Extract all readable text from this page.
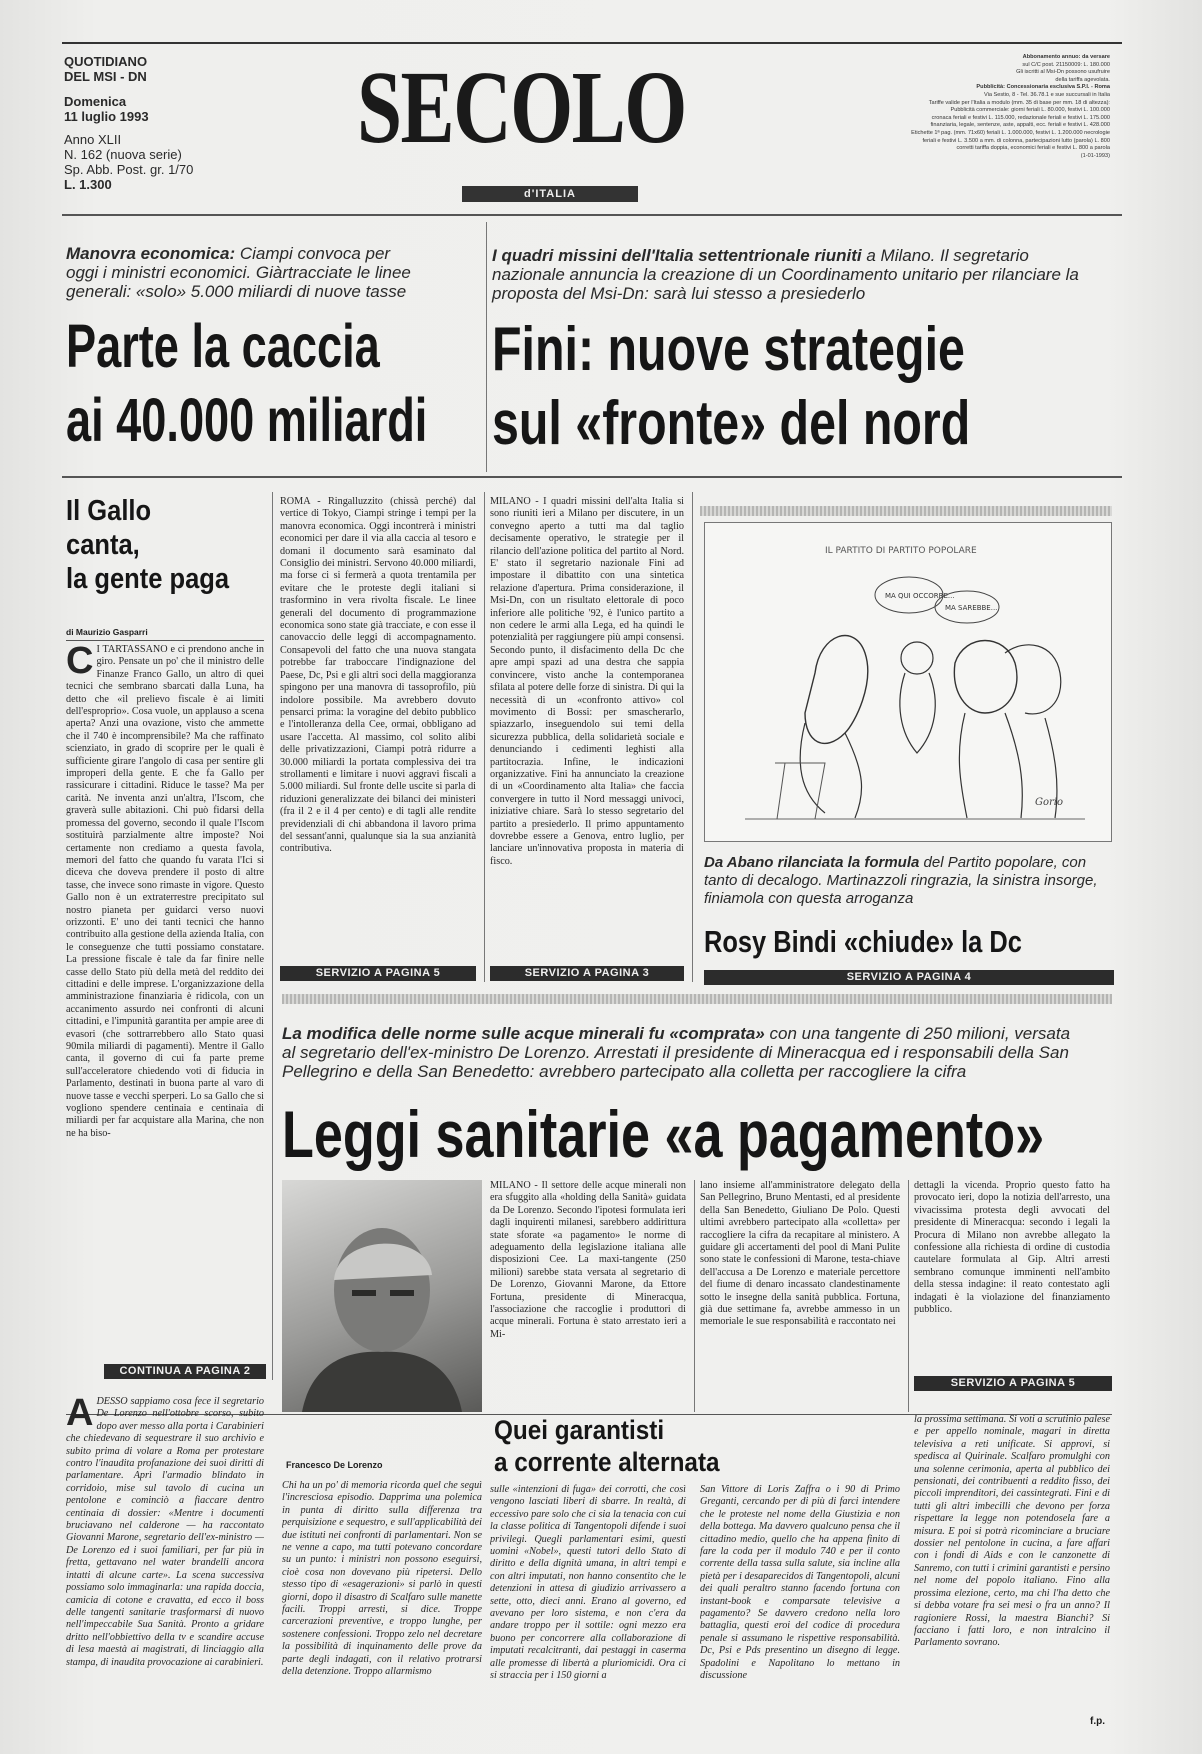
QUOTIDIANO
DEL MSI - DN
Domenica
11 luglio 1993
Anno XLII
N. 162 (nuova serie)
Sp. Abb. Post. gr. 1/70
L. 1.300
SECOLO
d'ITALIA
Abbonamento annuo: da versare
sul C/C post. 21150009: L. 180.000
Gli iscritti al Msi-Dn possono usufruire
della tariffa agevolata.
Pubblicità: Concessionaria esclusiva S.P.I. - Roma
Via Sestio, 8 - Tel. 36.78.1 e sue succursali in Italia
Tariffe valide per l'Italia a modulo (mm. 35 di base per mm. 18 di altezza):
Pubblicità commerciale: giorni feriali L. 80.000, festivi L. 100.000
cronaca feriali e festivi L. 115.000, redazionale feriali e festivi L. 175.000
finanziaria, legale, sentenze, aste, appalti, ecc. feriali e festivi L. 428.000
Etichette 1ª pag. (mm. 71x60) feriali L. 1.000.000, festivi L. 1.200.000 necrologie
feriali e festivi L. 3.500 a mm. di colonna, partecipazioni lutto (parola) L. 800
corretti tariffa doppia, economici feriali e festivi L. 800 a parola
(1-01-1993)
Manovra economica: Ciampi convoca per oggi i ministri economici. Giàrtracciate le linee generali: «solo» 5.000 miliardi di nuove tasse
Parte la caccia
ai 40.000 miliardi
I quadri missini dell'Italia settentrionale riuniti a Milano. Il segretario nazionale annuncia la creazione di un Coordinamento unitario per rilanciare la proposta del Msi-Dn: sarà lui stesso a presiederlo
Fini: nuove strategie
sul «fronte» del nord
Il Gallo
canta,
la gente paga
di Maurizio Gasparri
C I TARTASSANO e ci prendono anche in giro. Pensate un po' che il ministro delle Finanze Franco Gallo, un altro di quei tecnici che sembrano sbarcati dalla Luna, ha detto che «il prelievo fiscale è ai limiti dell'esproprio». Cosa vuole, un applauso a scena aperta? Anzi una ovazione, visto che ammette che il 740 è incomprensibile? Ma che raffinato scienziato, in grado di scoprire per le quali è sufficiente girare l'angolo di casa per sentire gli improperi della gente. E che fa Gallo per rassicurare i cittadini. Riduce le tasse? Ma per carità. Ne inventa anzi un'altra, l'Iscom, che graverà sulle abitazioni. Chi può fidarsi della promessa del governo, secondo il quale l'Iscom sostituirà parzialmente altre imposte? Noi certamente non crediamo a questa favola, memori del fatto che quando fu varata l'Ici si diceva che doveva prendere il posto di altre tasse, che invece sono rimaste in vigore. Questo Gallo non è un extraterrestre precipitato sul nostro pianeta per guidarci verso nuovi orizzonti. E' uno dei tanti tecnici che hanno contribuito alla gestione della azienda Italia, con le conseguenze che tutti possiamo constatare. La pressione fiscale è tale da far finire nelle casse dello Stato più della metà del reddito dei cittadini e delle imprese. L'organizzazione della amministrazione finanziaria è ridicola, con un accanimento assurdo nei confronti di alcuni cittadini, e l'impunità garantita per ampie aree di evasori (che sottrarrebbero allo Stato quasi 90mila miliardi di pagamenti). Mentre il Gallo canta, il governo di cui fa parte preme sull'acceleratore chiedendo voti di fiducia in Parlamento, destinati in buona parte al varo di nuove tasse e vecchi sperperi. Lo sa Gallo che si vogliono spendere centinaia e centinaia di miliardi per far acquistare alla Marina, che non ne ha biso-
CONTINUA A PAGINA 2
ROMA - Ringalluzzito (chissà perché) dal vertice di Tokyo, Ciampi stringe i tempi per la manovra economica. Oggi incontrerà i ministri economici per dare il via alla caccia al tesoro e domani il documento sarà esaminato dal Consiglio dei ministri. Servono 40.000 miliardi, ma forse ci si fermerà a quota trentamila per evitare che le proteste degli italiani si trasformino in vera rivolta fiscale. Le linee generali del documento di programmazione economica sono state già tracciate, e con esse il canovaccio delle leggi di accompagnamento. Consapevoli del fatto che una nuova stangata potrebbe far traboccare l'indignazione del Paese, Dc, Psi e gli altri soci della maggioranza spingono per una manovra di tassoprofilo, più indolore possibile. Ma avrebbero dovuto pensarci prima: la voragine del debito pubblico e l'intolleranza della Cee, ormai, obbligano ad usare l'accetta. Al massimo, col solito alibi delle privatizzazioni, Ciampi potrà ridurre a 30.000 miliardi la portata complessiva dei tra strollamenti e limitare i nuovi aggravi fiscali a 5.000 miliardi. Sul fronte delle uscite si parla di riduzioni generalizzate dei bilanci dei ministeri (fra il 2 e il 4 per cento) e di tagli alle rendite previdenziali di chi abbandona il lavoro prima del sessant'anni, qualunque sia la sua anzianità contributiva.
SERVIZIO A PAGINA 5
MILANO - I quadri missini dell'alta Italia si sono riuniti ieri a Milano per discutere, in un convegno aperto a tutti ma dal taglio decisamente operativo, le strategie per il rilancio dell'azione politica del partito al Nord. E' stato il segretario nazionale Fini ad impostare il dibattito con una sintetica relazione d'apertura. Prima considerazione, il Msi-Dn, con un risultato elettorale di poco inferiore alle politiche '92, è l'unico partito a non cedere le armi alla Lega, ed ha quindi le potenzialità per raggiungere più ampi consensi. Secondo punto, il disfacimento della Dc che apre ampi spazi ad una destra che sappia convincere, visto anche la contemporanea sfilata al potere delle forze di sinistra. Di qui la necessità di un «confronto attivo» col movimento di Bossi: per smascherarlo, spiazzarlo, inseguendolo sui temi della sicurezza pubblica, della solidarietà sociale e denunciando i cedimenti leghisti alla partitocrazia. Infine, le indicazioni organizzative. Fini ha annunciato la creazione di un «Coordinamento alta Italia» che faccia convergere in tutto il Nord messaggi univoci, iniziative chiare. Sarà lo stesso segretario del partito a presiederlo. Il primo appuntamento dovrebbe essere a Genova, entro luglio, per lanciare un'innovativa proposta in materia di fisco.
SERVIZIO A PAGINA 3
IL PARTITO DI PARTITO POPOLARE
MA QUI OCCORRE...
MA SAREBBE...
Gorio
Da Abano rilanciata la formula del Partito popolare, con tanto di decalogo. Martinazzoli ringrazia, la sinistra insorge, finiamola con questa arroganza
Rosy Bindi «chiude» la Dc
SERVIZIO A PAGINA 4
La modifica delle norme sulle acque minerali fu «comprata» con una tangente di 250 milioni, versata al segretario dell'ex-ministro De Lorenzo. Arrestati il presidente di Mineracqua ed i responsabili della San Pellegrino e della San Benedetto: avrebbero partecipato alla colletta per raccogliere la cifra
Leggi sanitarie «a pagamento»
Francesco De Lorenzo
MILANO - Il settore delle acque minerali non era sfuggito alla «holding della Sanità» guidata da De Lorenzo. Secondo l'ipotesi formulata ieri dagli inquirenti milanesi, sarebbero addirittura state sforate «a pagamento» le norme di adeguamento della legislazione italiana alle disposizioni Cee. La maxi-tangente (250 milioni) sarebbe stata versata al segretario di De Lorenzo, Giovanni Marone, da Ettore Fortuna, presidente di Mineracqua, l'associazione che raccoglie i produttori di acque minerali. Fortuna è stato arrestato ieri a Mi-
lano insieme all'amministratore delegato della San Pellegrino, Bruno Mentasti, ed al presidente della San Benedetto, Giuliano De Polo. Questi ultimi avrebbero partecipato alla «colletta» per raccogliere la cifra da recapitare al ministero. A guidare gli accertamenti del pool di Mani Pulite sono state le confessioni di Marone, testa-chiave dell'accusa a De Lorenzo e materiale percettore del fiume di denaro incassato clandestinamente sotto le insegne della sanità pubblica. Fortuna, già due settimane fa, avrebbe ammesso in un memoriale le sue responsabilità e raccontato nei
dettagli la vicenda. Proprio questo fatto ha provocato ieri, dopo la notizia dell'arresto, una vivacissima protesta degli avvocati del presidente di Mineracqua: secondo i legali la Procura di Milano non avrebbe allegato la confessione alla richiesta di ordine di custodia cautelare formulata al Gip. Altri arresti sembrano comunque imminenti nell'ambito della stessa indagine: il reato contestato agli indagati è la violazione del finanziamento pubblico.
SERVIZIO A PAGINA 5
ADESSO sappiamo cosa fece il segretario De Lorenzo nell'ottobre scorso, subito dopo aver messo alla porta i Carabinieri che chiedevano di sequestrare il suo archivio e subito prima di volare a Roma per protestare contro l'inaudita profanazione dei suoi diritti di parlamentare. Aprì l'armadio blindato in corridoio, mise sul tavolo di cucina un pentolone e cominciò a fiaccare dentro centinaia di dossier: «Mentre i documenti bruciavano nel calderone — ha raccontato Giovanni Marone, segretario dell'ex-ministro — De Lorenzo ed i suoi familiari, per far più in fretta, gettavano nel water brandelli ancora intatti di alcune carte». La scena successiva possiamo solo immaginarla: una rapida doccia, camicia di cotone e cravatta, ed ecco il boss delle tangenti sanitarie trasformarsi di nuovo nell'impeccabile Sua Sanità. Pronto a gridare dritto nell'obbiettivo della tv e scandire accuse di lesa maestà ai magistrati, di linciaggio alla stampa, di inaudita provocazione ai carabinieri.
Quei garantisti
a corrente alternata
Chi ha un po' di memoria ricorda quel che seguì l'incresciosa episodio. Dapprima una polemica in punta di diritto sulla differenza tra perquisizione e sequestro, e sull'applicabilità dei due istituti nei confronti di parlamentari. Non se ne venne a capo, ma tutti potevano concordare su un punto: i ministri non possono eseguirsi, cioè cosa non dovevano più ripetersi. Dello stesso tipo di «esagerazioni» si parlò in questi giorni, dopo il disastro di Scalfaro sulle manette facili. Troppi arresti, si dice. Troppe carcerazioni preventive, e troppo lunghe, per sostenere confessioni. Troppo zelo nel decretare la possibilità di inquinamento delle prove da parte degli indagati, con il relativo protrarsi della detenzione. Troppo allarmismo
sulle «intenzioni di fuga» dei corrotti, che così vengono lasciati liberi di sbarre. In realtà, di eccessivo pare solo che ci sia la tenacia con cui la classe politica di Tangentopoli difende i suoi privilegi. Quegli parlamentari esimi, questi uomini «Nobel», questi tutori dello Stato di diritto e della dignità umana, in altri tempi e con altri imputati, non hanno consentito che le detenzioni in attesa di giudizio arrivassero a sette, otto, dieci anni. Erano al governo, ed avevano per loro sistema, e non c'era da andare troppo per il sottile: ogni mezzo era buono per concorrere alla collaborazione di imputati recalcitranti, dai pestaggi in caserma alle promesse di libertà a pluriomicidi. Ora ci si straccia per i 150 giorni a
San Vittore di Loris Zaffra o i 90 di Primo Greganti, cercando per di più di farci intendere che le proteste nel nome della Giustizia e non della bottega. Ma davvero qualcuno pensa che il cittadino medio, quello che ha appena finito di fare la coda per il modulo 740 e per il conto corrente della tassa sulla salute, sia incline alla pietà per i desaparecidos di Tangentopoli, alcuni dei quali peraltro stanno facendo fortuna con instant-book e comparsate televisive a pagamento? Se davvero credono nella loro battaglia, questi eroi del codice di procedura penale si assumano le rispettive responsabilità. Dc, Psi e Pds presentino un disegno di legge. Spadolini e Napolitano lo mettano in discussione
la prossima settimana. Si voti a scrutinio palese e per appello nominale, magari in diretta televisiva a reti unificate. Si approvi, si spedisca al Quirinale. Scalfaro promulghi con una solenne cerimonia, aperta al pubblico dei pensionati, dei contribuenti a reddito fisso, dei piccoli imprenditori, dei cassintegrati. Fini e di tutti gli altri imbecilli che devono per forza rispettare la legge non potendosela fare a misura. E poi si potrà ricominciare a bruciare dossier nel pentolone in cucina, a fare affari con i fondi di Aids e con le canzonette di Sanremo, con tutti i crimini garantisti e persino nel nome del popolo italiano. Fino alla prossima elezione, certo, ma chi l'ha detto che si debba votare fra sei mesi o fra un anno? Il ragioniere Rossi, la maestra Bianchi? Si facciano i fatti loro, e non intralcino il Parlamento sovrano.
f.p.
